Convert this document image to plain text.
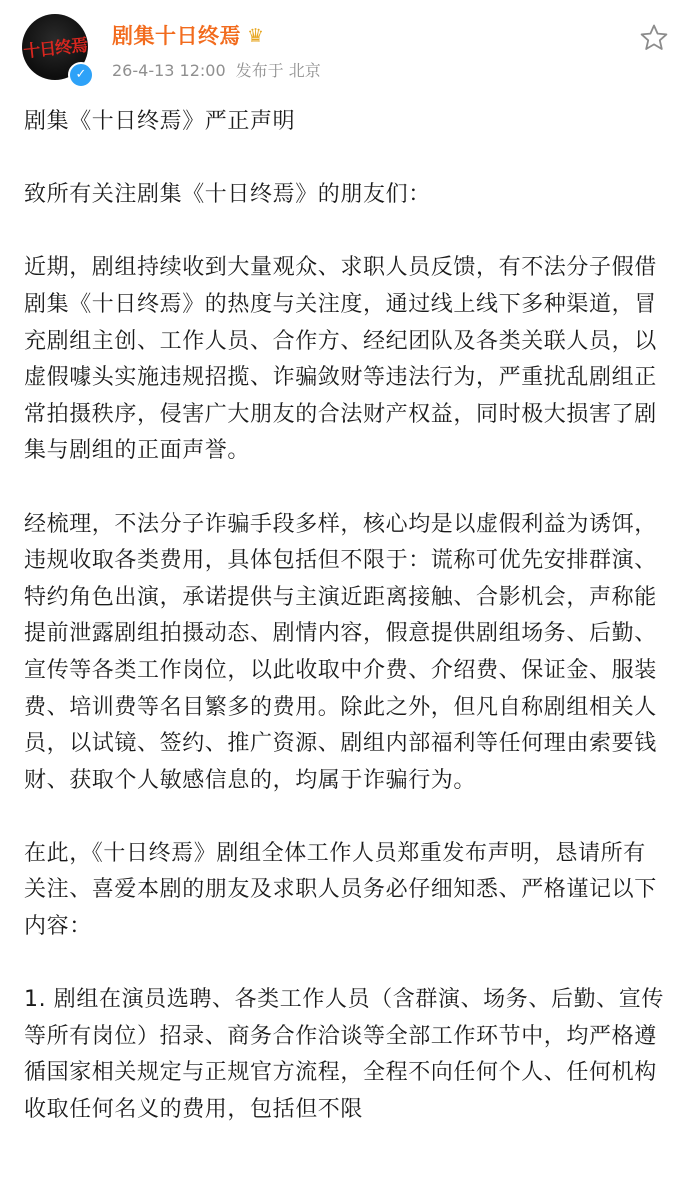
十日终焉
✓
剧集十日终焉 ♛
26-4-13 12:00 发布于 北京

剧集《十日终焉》严正声明

致所有关注剧集《十日终焉》的朋友们：

近期，剧组持续收到大量观众、求职人员反馈，有不法分子假借剧集《十日终焉》的热度与关注度，通过线上线下多种渠道，冒充剧组主创、工作人员、合作方、经纪团队及各类关联人员，以虚假噱头实施违规招揽、诈骗敛财等违法行为，严重扰乱剧组正常拍摄秩序，侵害广大朋友的合法财产权益，同时极大损害了剧集与剧组的正面声誉。

经梳理，不法分子诈骗手段多样，核心均是以虚假利益为诱饵，违规收取各类费用，具体包括但不限于：谎称可优先安排群演、特约角色出演，承诺提供与主演近距离接触、合影机会，声称能提前泄露剧组拍摄动态、剧情内容，假意提供剧组场务、后勤、宣传等各类工作岗位，以此收取中介费、介绍费、保证金、服装费、培训费等名目繁多的费用。除此之外，但凡自称剧组相关人员，以试镜、签约、推广资源、剧组内部福利等任何理由索要钱财、获取个人敏感信息的，均属于诈骗行为。

在此，《十日终焉》剧组全体工作人员郑重发布声明，恳请所有关注、喜爱本剧的朋友及求职人员务必仔细知悉、严格谨记以下内容：

1. 剧组在演员选聘、各类工作人员（含群演、场务、后勤、宣传等所有岗位）招录、商务合作洽谈等全部工作环节中，均严格遵循国家相关规定与正规官方流程，全程不向任何个人、任何机构收取任何名义的费用，包括但不限
